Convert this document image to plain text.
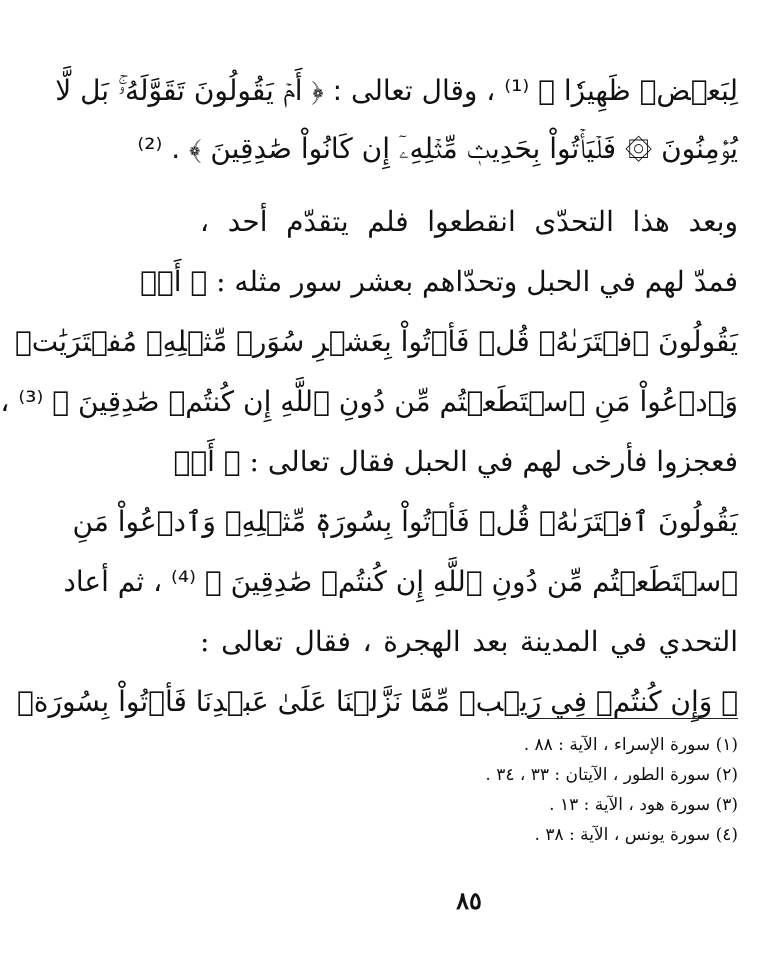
لِبَعۡضٖ ظَهِيرٗا ﴾ ⁽¹⁾ ، وقال تعالى : ﴿ أَمۡ يَقُولُونَ تَقَوَّلَهُۥۚ بَل لَّا
يُؤۡمِنُونَ ۞ فَلۡيَأۡتُواْ بِحَدِيثٖ مِّثۡلِهِۦٓ إِن كَانُواْ صَٰدِقِينَ ﴾ . ⁽²⁾
وبعد هذا التحدّى انقطعوا فلم يتقدّم أحد ،
فمدّ لهم في الحبل وتحدّاهم بعشر سور مثله : ﴿ أَمۡ
يَقُولُونَ ٱفۡتَرَىٰهُۖ قُلۡ فَأۡتُواْ بِعَشۡرِ سُوَرٖ مِّثۡلِهِۦ مُفۡتَرَيَٰتٖ
وَٱدۡعُواْ مَنِ ٱسۡتَطَعۡتُم مِّن دُونِ ٱللَّهِ إِن كُنتُمۡ صَٰدِقِينَ ﴾ ⁽³⁾ ،
فعجزوا فأرخى لهم في الحبل فقال تعالى : ﴿ أَمۡ
يَقُولُونَ ٱفۡتَرَىٰهُۖ قُلۡ فَأۡتُواْ بِسُورَةٖ مِّثۡلِهِۦ وَٱدۡعُواْ مَنِ
ٱسۡتَطَعۡتُم مِّن دُونِ ٱللَّهِ إِن كُنتُمۡ صَٰدِقِينَ ﴾ ⁽⁴⁾ ، ثم أعاد
التحدي في المدينة بعد الهجرة ، فقال تعالى :
﴿ وَإِن كُنتُمۡ فِي رَيۡبٖ مِّمَّا نَزَّلۡنَا عَلَىٰ عَبۡدِنَا فَأۡتُواْ بِسُورَةٖ
(١) سورة الإسراء ، الآية : ٨٨ .
(٢) سورة الطور ، الآيتان : ٣٣ ، ٣٤ .
(٣) سورة هود ، الآية : ١٣ .
(٤) سورة يونس ، الآية : ٣٨ .
٨٥
